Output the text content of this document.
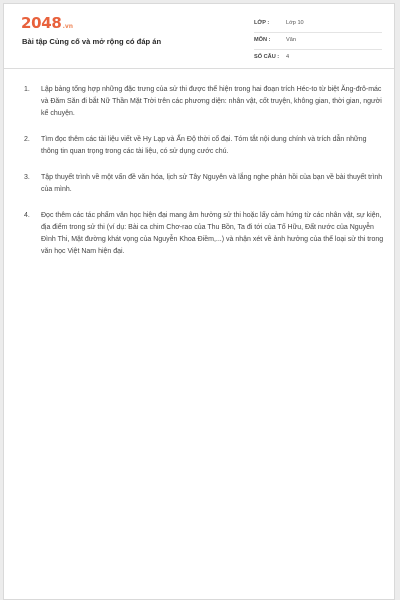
2048.vn
Bài tập Củng cố và mở rộng có đáp án
LỚP :	Lớp 10
MÔN :	Văn
SỐ CÂU : 4
1. Lập bảng tổng hợp những đặc trưng của sử thi được thể hiện trong hai đoạn trích Héc-to từ biệt Ăng-đrô-mác và Đăm Săn đi bắt Nữ Thần Mặt Trời trên các phương diện: nhân vật, cốt truyện, không gian, thời gian, người kể chuyện.
2. Tìm đọc thêm các tài liệu viết về Hy Lạp và Ấn Độ thời cổ đại. Tóm tắt nội dung chính và trích dẫn những thông tin quan trọng trong các tài liệu, có sử dụng cước chú.
3. Tập thuyết trình về một vấn đề văn hóa, lịch sử Tây Nguyên và lắng nghe phản hồi của bạn về bài thuyết trình của mình.
4. Đọc thêm các tác phẩm văn học hiện đại mang âm hưởng sử thi hoặc lấy cảm hứng từ các nhân vật, sự kiện, địa điểm trong sử thi (ví dụ: Bài ca chim Chơ-rao của Thu Bồn, Ta đi tới của Tố Hữu, Đất nước của Nguyễn Đình Thi, Mặt đường khát vọng của Nguyễn Khoa Điềm,...) và nhận xét về ảnh hưởng của thể loại sử thi trong văn học Việt Nam hiện đại.
